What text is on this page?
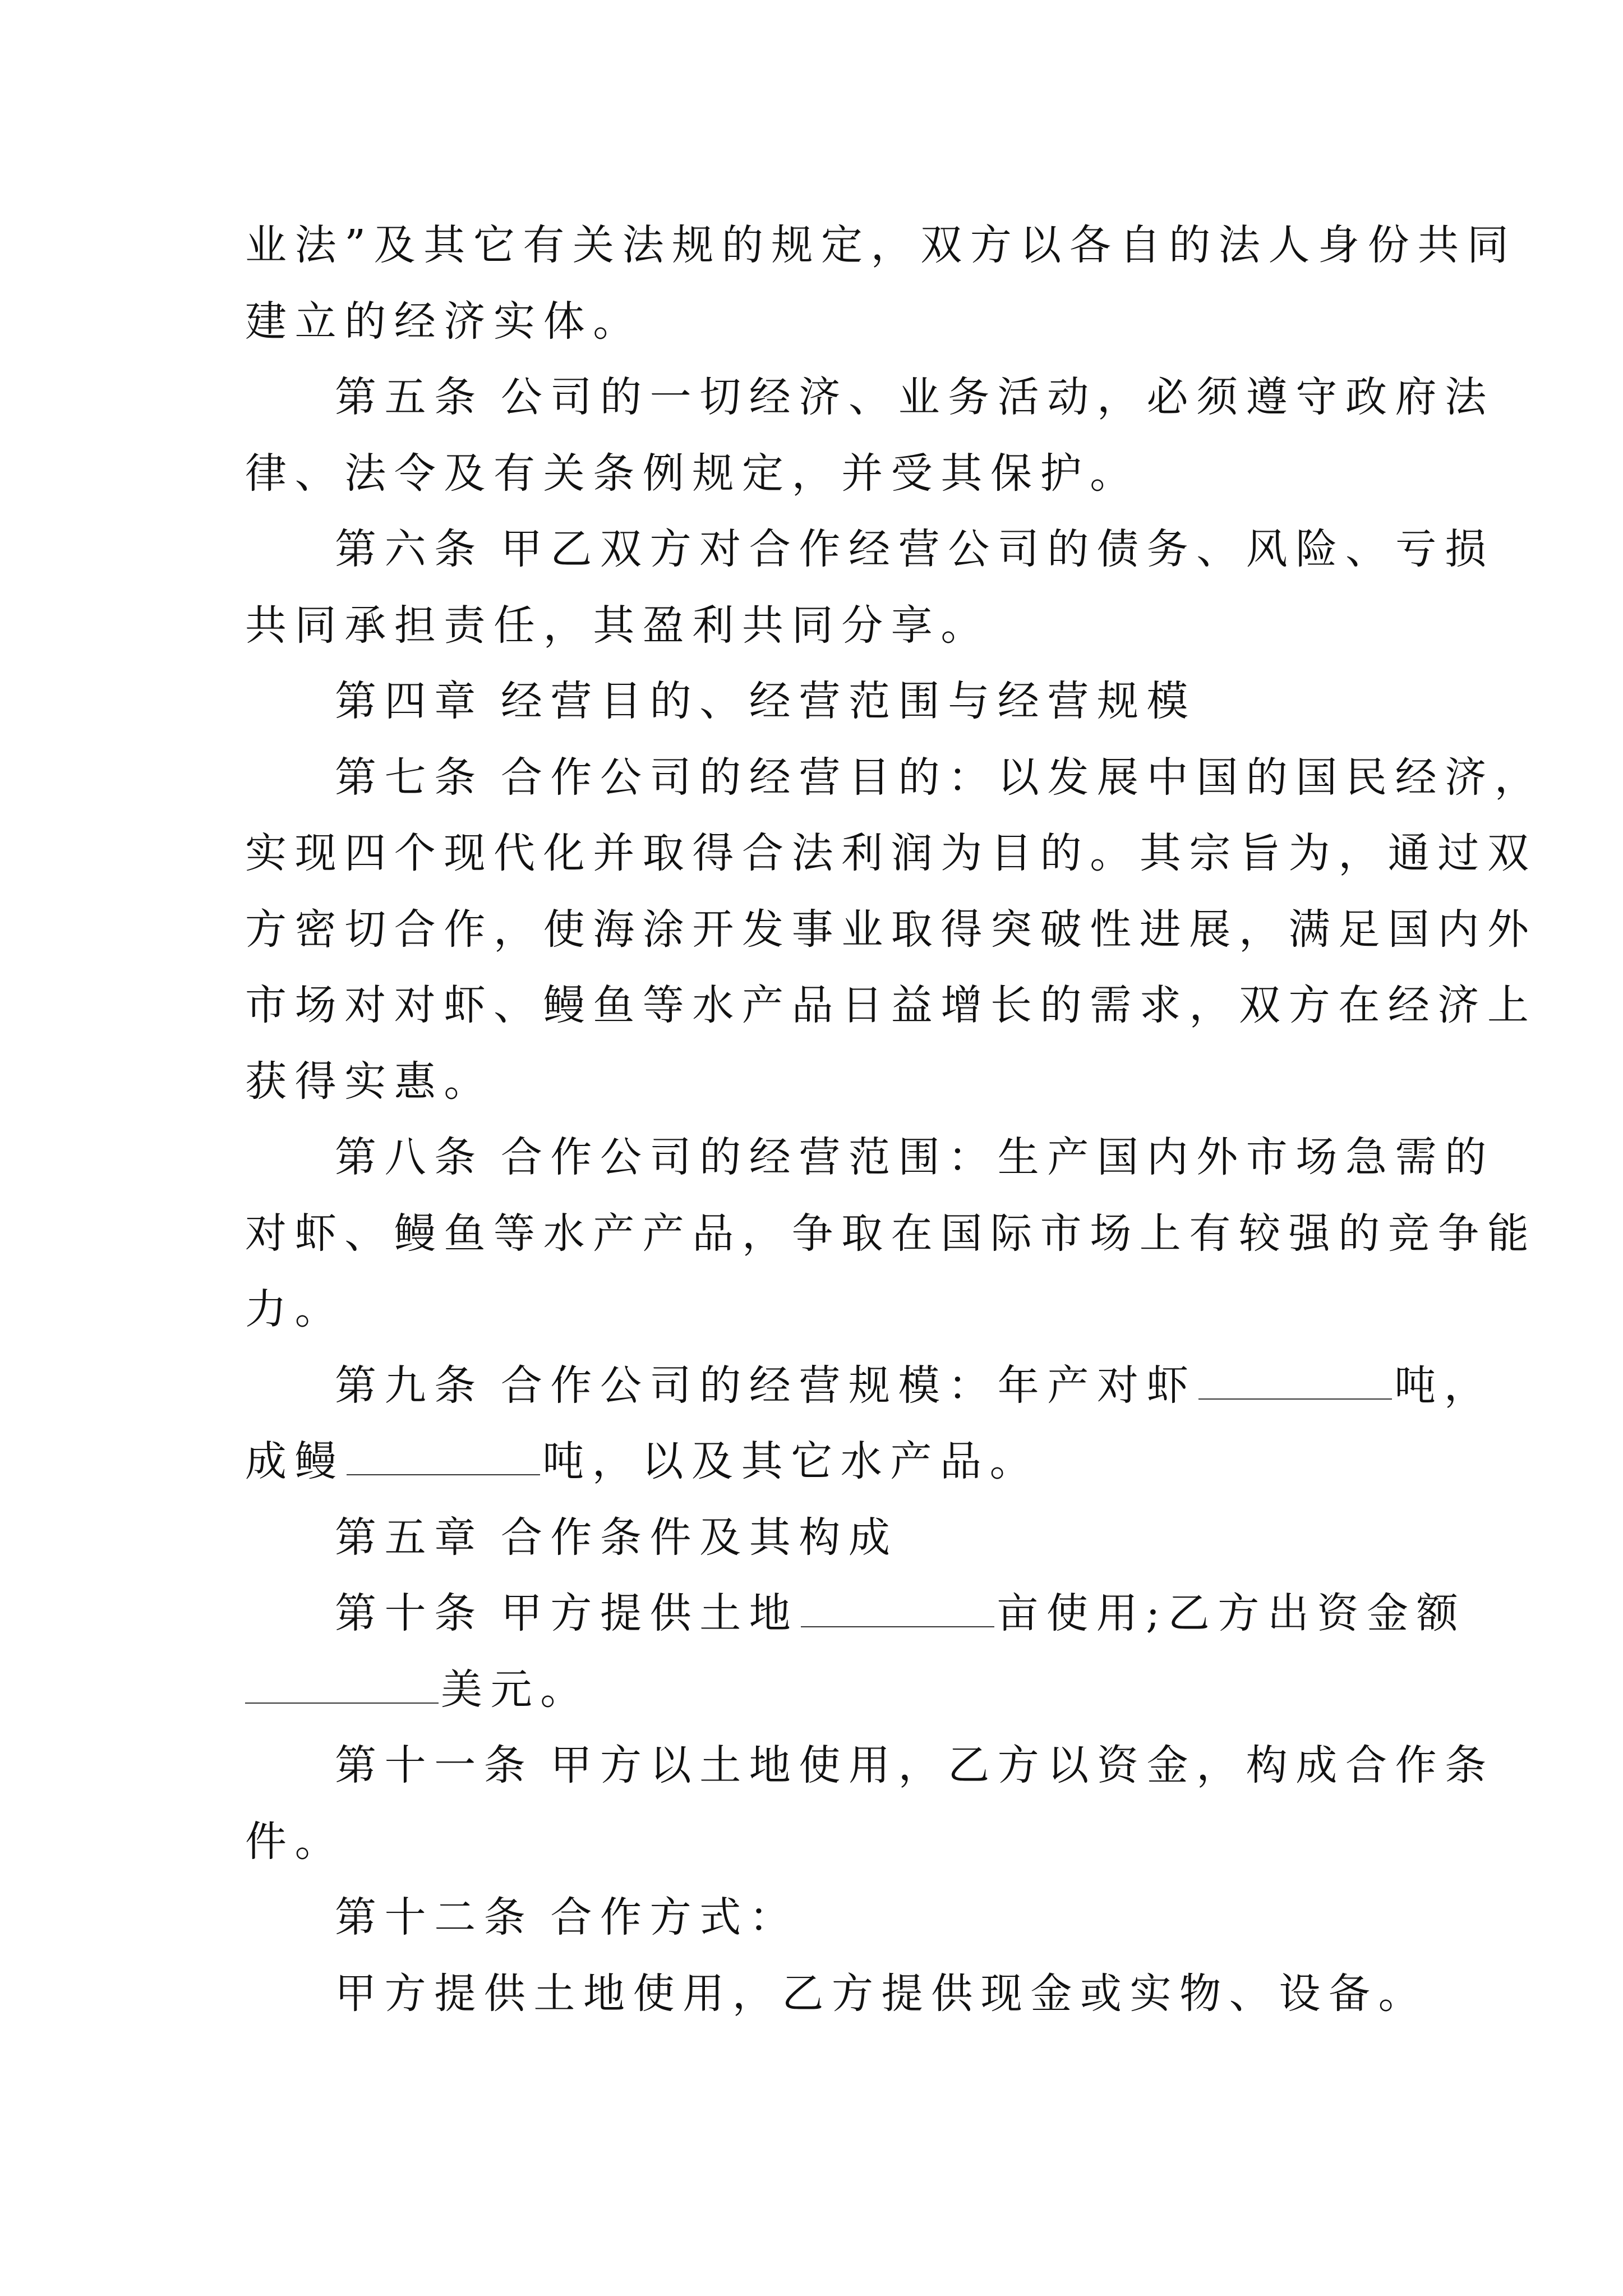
业法”及其它有关法规的规定，双方以各自的法人身份共同
建立的经济实体。
第五条 公司的一切经济、业务活动，必须遵守政府法
律、法令及有关条例规定，并受其保护。
第六条 甲乙双方对合作经营公司的债务、风险、亏损
共同承担责任，其盈利共同分享。
第四章 经营目的、经营范围与经营规模
第七条 合作公司的经营目的：以发展中国的国民经济，
实现四个现代化并取得合法利润为目的。其宗旨为，通过双
方密切合作，使海涂开发事业取得突破性进展，满足国内外
市场对对虾、鳗鱼等水产品日益增长的需求，双方在经济上
获得实惠。
第八条 合作公司的经营范围：生产国内外市场急需的
对虾、鳗鱼等水产产品，争取在国际市场上有较强的竞争能
力。
第九条 合作公司的经营规模：年产对虾	吨，
成鳗	吨，以及其它水产品。
第五章 合作条件及其构成
第十条 甲方提供土地	亩使用;乙方出资金额
美元。
第十一条 甲方以土地使用，乙方以资金，构成合作条
件。
第十二条 合作方式：
甲方提供土地使用，乙方提供现金或实物、设备。
